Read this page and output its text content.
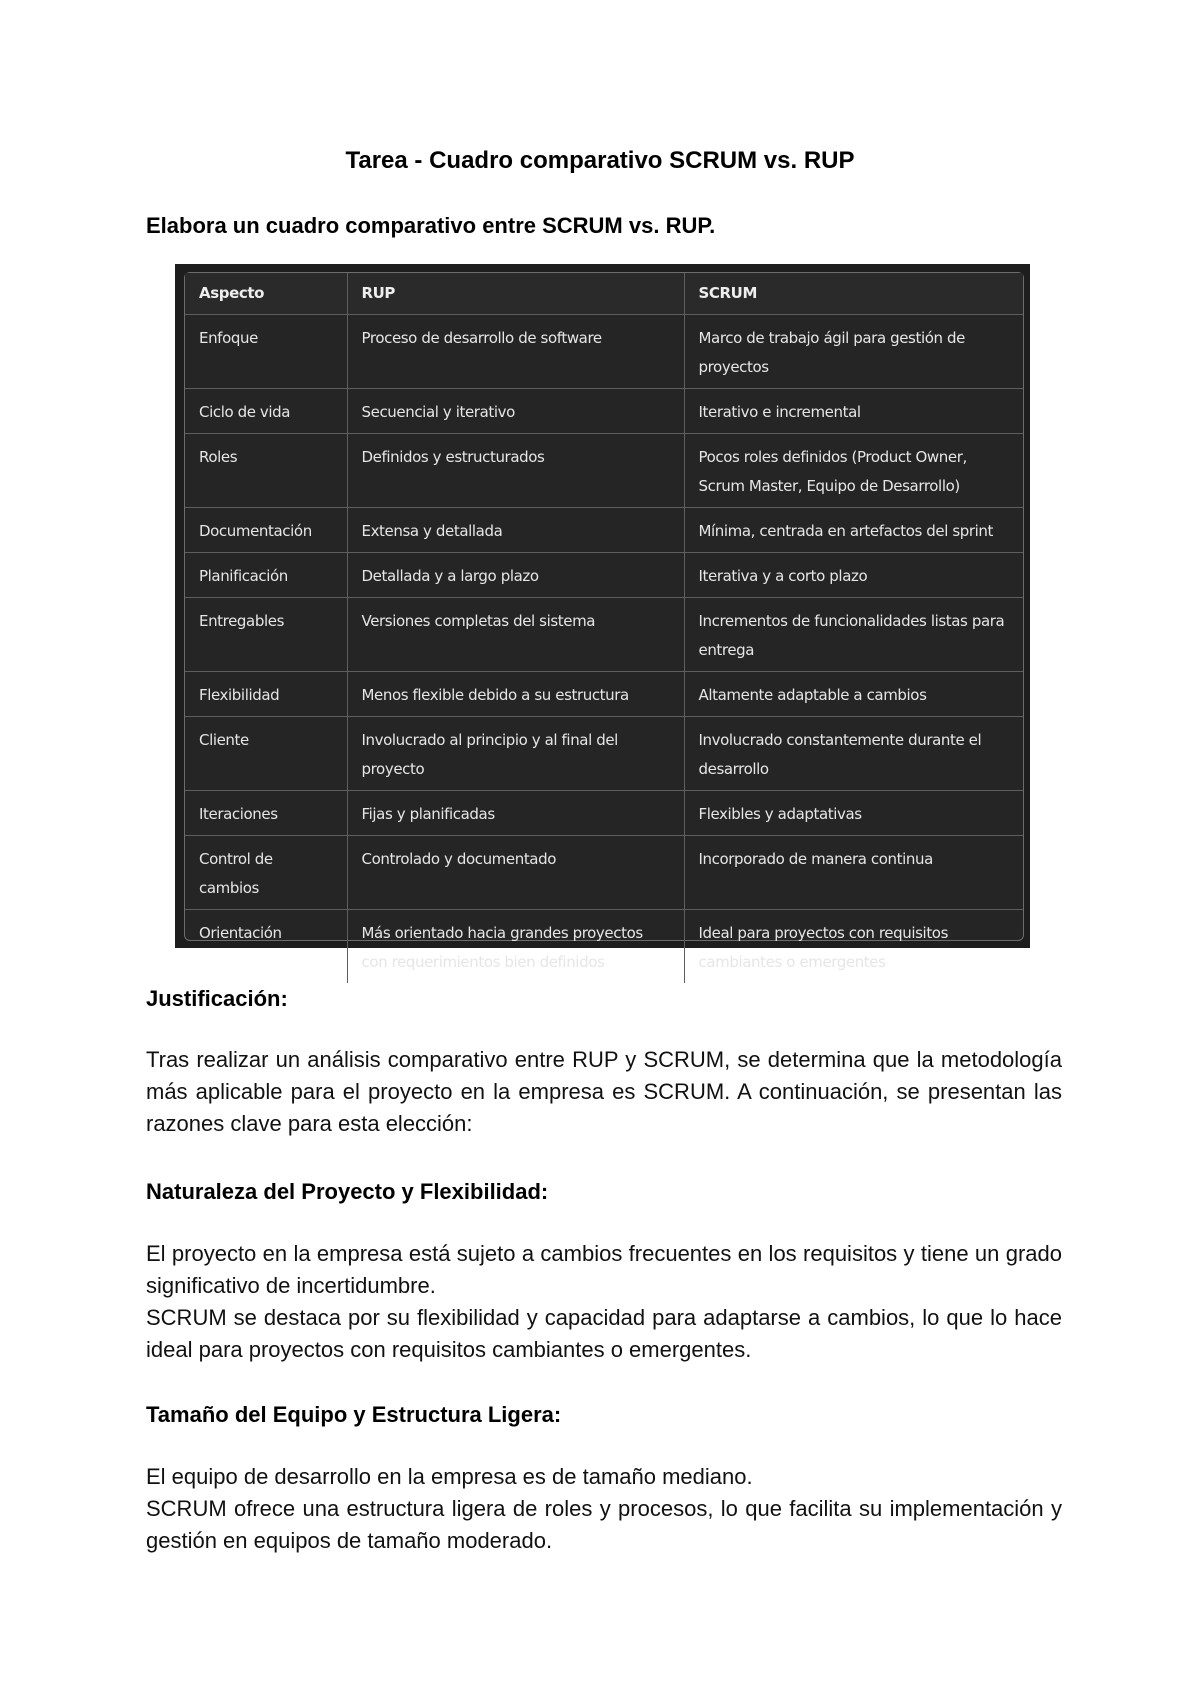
Tarea - Cuadro comparativo SCRUM vs. RUP
Elabora un cuadro comparativo entre SCRUM vs. RUP.
Aspecto	RUP	SCRUM
Enfoque	Proceso de desarrollo de software	Marco de trabajo ágil para gestión de proyectos
Ciclo de vida	Secuencial y iterativo	Iterativo e incremental
Roles	Definidos y estructurados	Pocos roles definidos (Product Owner, Scrum Master, Equipo de Desarrollo)
Documentación	Extensa y detallada	Mínima, centrada en artefactos del sprint
Planificación	Detallada y a largo plazo	Iterativa y a corto plazo
Entregables	Versiones completas del sistema	Incrementos de funcionalidades listas para entrega
Flexibilidad	Menos flexible debido a su estructura	Altamente adaptable a cambios
Cliente	Involucrado al principio y al final del proyecto	Involucrado constantemente durante el desarrollo
Iteraciones	Fijas y planificadas	Flexibles y adaptativas
Control de cambios	Controlado y documentado	Incorporado de manera continua
Orientación	Más orientado hacia grandes proyectos con requerimientos bien definidos	Ideal para proyectos con requisitos cambiantes o emergentes
Justificación:
Tras realizar un análisis comparativo entre RUP y SCRUM, se determina que la metodología más aplicable para el proyecto en la empresa es SCRUM. A continuación, se presentan las razones clave para esta elección:
Naturaleza del Proyecto y Flexibilidad:
El proyecto en la empresa está sujeto a cambios frecuentes en los requisitos y tiene un grado significativo de incertidumbre.
SCRUM se destaca por su flexibilidad y capacidad para adaptarse a cambios, lo que lo hace ideal para proyectos con requisitos cambiantes o emergentes.
Tamaño del Equipo y Estructura Ligera:
El equipo de desarrollo en la empresa es de tamaño mediano.
SCRUM ofrece una estructura ligera de roles y procesos, lo que facilita su implementación y gestión en equipos de tamaño moderado.
